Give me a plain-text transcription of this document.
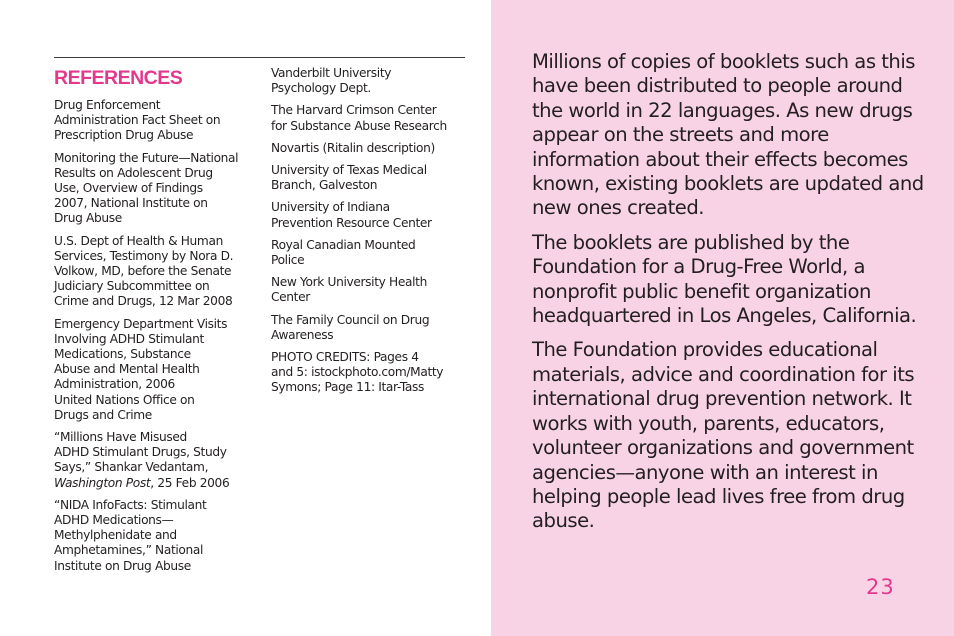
REFERENCES
Drug Enforcement
Administration Fact Sheet on
Prescription Drug Abuse
Monitoring the Future—National
Results on Adolescent Drug
Use, Overview of Findings
2007, National Institute on
Drug Abuse
U.S. Dept of Health & Human
Services, Testimony by Nora D.
Volkow, MD, before the Senate
Judiciary Subcommittee on
Crime and Drugs, 12 Mar 2008
Emergency Department Visits
Involving ADHD Stimulant
Medications, Substance
Abuse and Mental Health
Administration, 2006
United Nations Office on
Drugs and Crime
“Millions Have Misused
ADHD Stimulant Drugs, Study
Says,” Shankar Vedantam,
Washington Post, 25 Feb 2006
“NIDA InfoFacts: Stimulant
ADHD Medications—
Methylphenidate and
Amphetamines,” National
Institute on Drug Abuse
Vanderbilt University
Psychology Dept.
The Harvard Crimson Center
for Substance Abuse Research
Novartis (Ritalin description)
University of Texas Medical
Branch, Galveston
University of Indiana
Prevention Resource Center
Royal Canadian Mounted
Police
New York University Health
Center
The Family Council on Drug
Awareness
PHOTO CREDITS: Pages 4
and 5: istockphoto.com/Matty
Symons; Page 11: Itar-Tass

Millions of copies of booklets such as this have been distributed to people around the world in 22 languages. As new drugs appear on the streets and more information about their effects becomes known, existing booklets are updated and new ones created.

The booklets are published by the Foundation for a Drug-Free World, a nonprofit public benefit organization headquartered in Los Angeles, California.

The Foundation provides educational materials, advice and coordination for its international drug prevention network. It works with youth, parents, educators, volunteer organizations and government agencies—anyone with an interest in helping people lead lives free from drug abuse.

23
